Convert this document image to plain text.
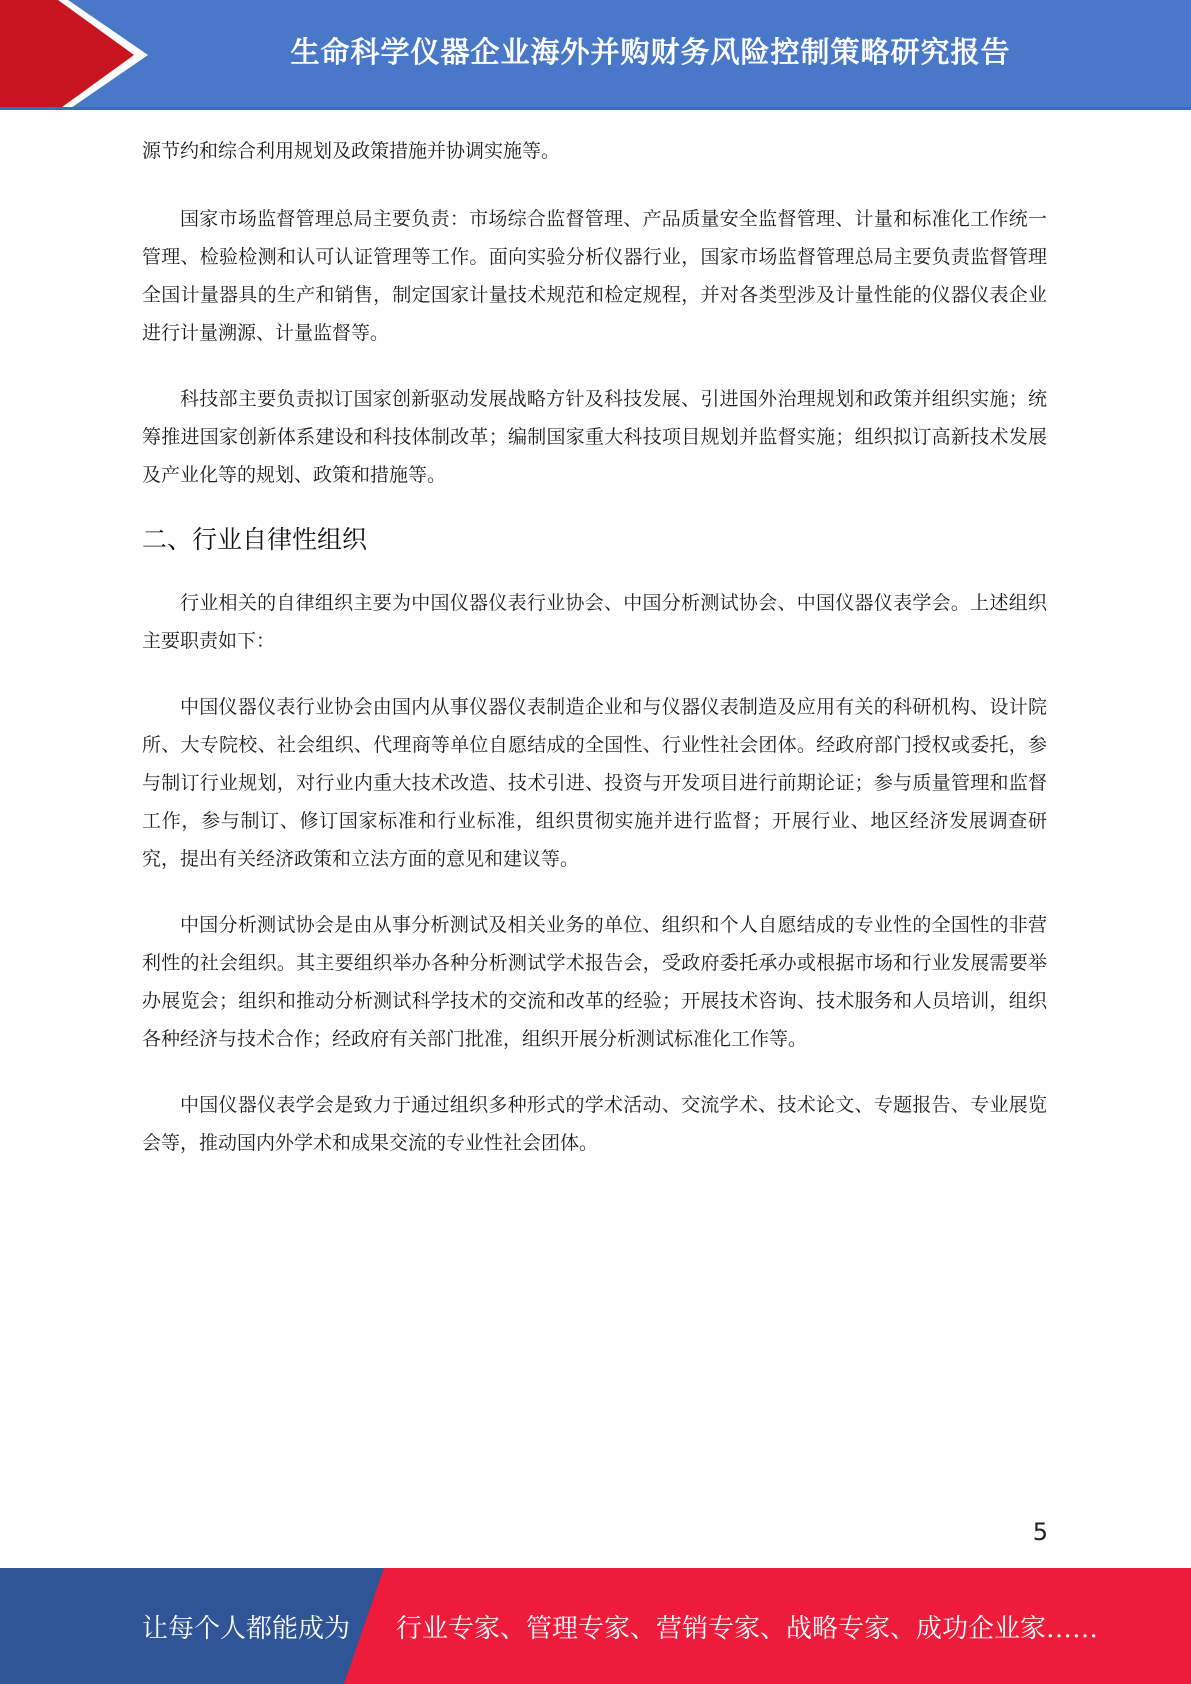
生命科学仪器企业海外并购财务风险控制策略研究报告

源节约和综合利用规划及政策措施并协调实施等。

国家市场监督管理总局主要负责：市场综合监督管理、产品质量安全监督管理、计量和标准化工作统一管理、检验检测和认可认证管理等工作。面向实验分析仪器行业，国家市场监督管理总局主要负责监督管理全国计量器具的生产和销售，制定国家计量技术规范和检定规程，并对各类型涉及计量性能的仪器仪表企业进行计量溯源、计量监督等。

科技部主要负责拟订国家创新驱动发展战略方针及科技发展、引进国外治理规划和政策并组织实施；统筹推进国家创新体系建设和科技体制改革；编制国家重大科技项目规划并监督实施；组织拟订高新技术发展及产业化等的规划、政策和措施等。

二、行业自律性组织

行业相关的自律组织主要为中国仪器仪表行业协会、中国分析测试协会、中国仪器仪表学会。上述组织主要职责如下：

中国仪器仪表行业协会由国内从事仪器仪表制造企业和与仪器仪表制造及应用有关的科研机构、设计院所、大专院校、社会组织、代理商等单位自愿结成的全国性、行业性社会团体。经政府部门授权或委托，参与制订行业规划，对行业内重大技术改造、技术引进、投资与开发项目进行前期论证；参与质量管理和监督工作，参与制订、修订国家标准和行业标准，组织贯彻实施并进行监督；开展行业、地区经济发展调查研究，提出有关经济政策和立法方面的意见和建议等。

中国分析测试协会是由从事分析测试及相关业务的单位、组织和个人自愿结成的专业性的全国性的非营利性的社会组织。其主要组织举办各种分析测试学术报告会，受政府委托承办或根据市场和行业发展需要举办展览会；组织和推动分析测试科学技术的交流和改革的经验；开展技术咨询、技术服务和人员培训，组织各种经济与技术合作；经政府有关部门批准，组织开展分析测试标准化工作等。

中国仪器仪表学会是致力于通过组织多种形式的学术活动、交流学术、技术论文、专题报告、专业展览会等，推动国内外学术和成果交流的专业性社会团体。

5
让每个人都能成为 行业专家、管理专家、营销专家、战略专家、成功企业家……
